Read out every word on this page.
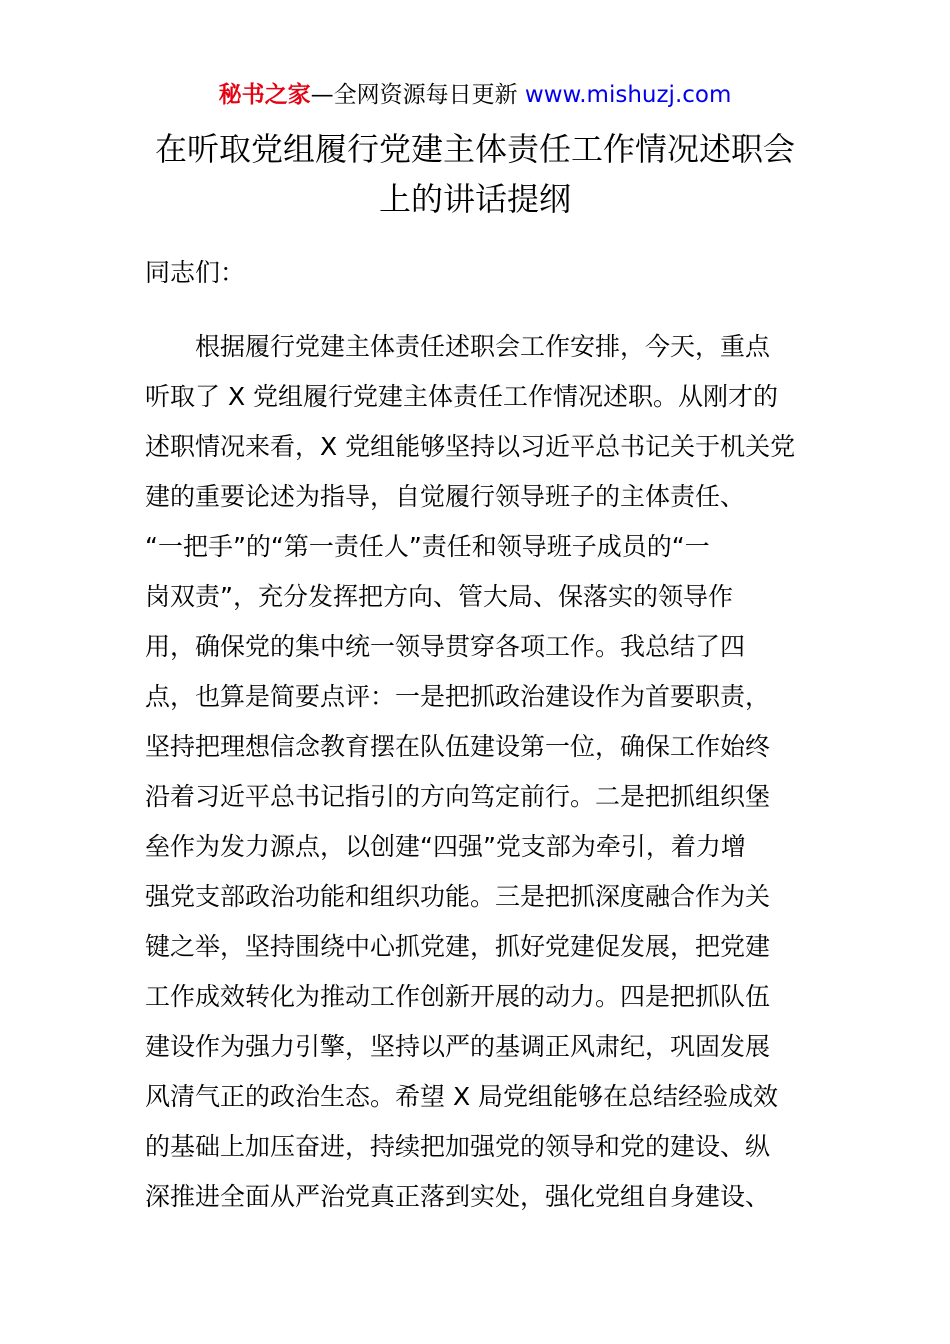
秘书之家—全网资源每日更新 www.mishuzj.com
在听取党组履行党建主体责任工作情况述职会
上的讲话提纲
同志们：
根据履行党建主体责任述职会工作安排，今天，重点
听取了 X 党组履行党建主体责任工作情况述职。从刚才的
述职情况来看，X 党组能够坚持以习近平总书记关于机关党
建的重要论述为指导，自觉履行领导班子的主体责任、
“一把手”的“第一责任人”责任和领导班子成员的“一
岗双责”，充分发挥把方向、管大局、保落实的领导作
用，确保党的集中统一领导贯穿各项工作。我总结了四
点，也算是简要点评：一是把抓政治建设作为首要职责，
坚持把理想信念教育摆在队伍建设第一位，确保工作始终
沿着习近平总书记指引的方向笃定前行。二是把抓组织堡
垒作为发力源点，以创建“四强”党支部为牵引，着力增
强党支部政治功能和组织功能。三是把抓深度融合作为关
键之举，坚持围绕中心抓党建，抓好党建促发展，把党建
工作成效转化为推动工作创新开展的动力。四是把抓队伍
建设作为强力引擎，坚持以严的基调正风肃纪，巩固发展
风清气正的政治生态。希望 X 局党组能够在总结经验成效
的基础上加压奋进，持续把加强党的领导和党的建设、纵
深推进全面从严治党真正落到实处，强化党组自身建设、
